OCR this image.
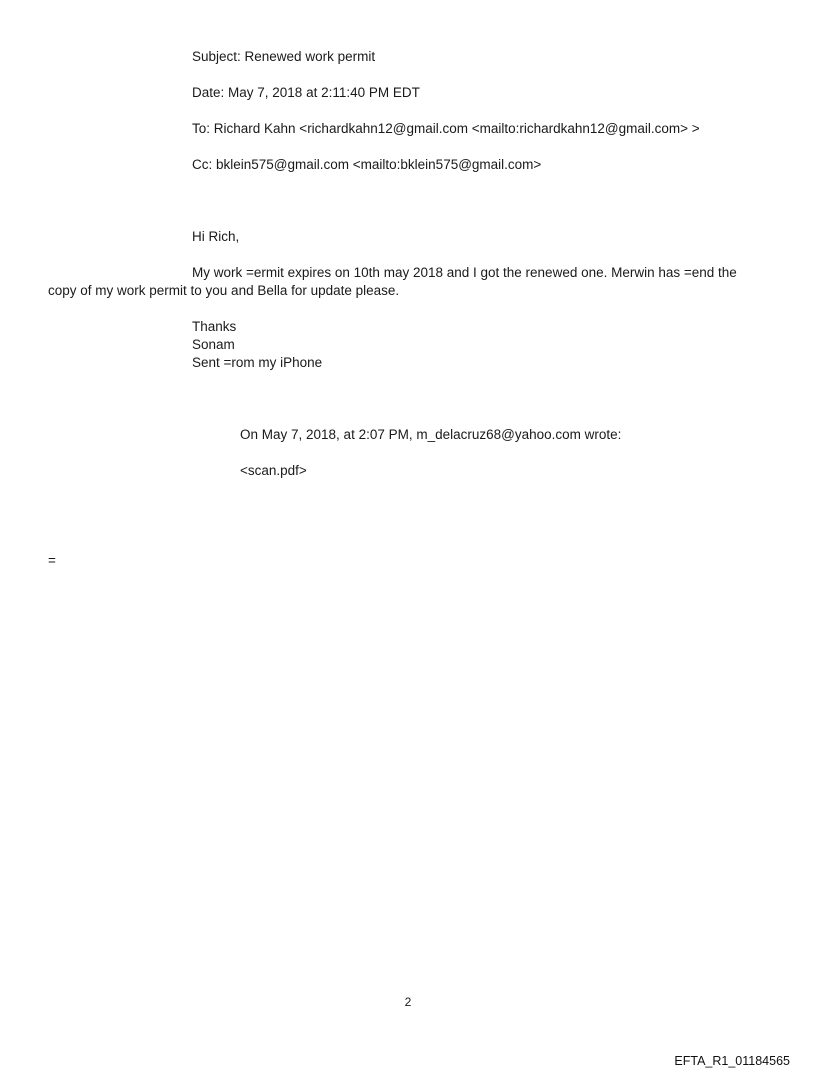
Subject: Renewed work permit
Date: May 7, 2018 at 2:11:40 PM EDT
To: Richard Kahn <richardkahn12@gmail.com <mailto:richardkahn12@gmail.com> >
Cc: bklein575@gmail.com <mailto:bklein575@gmail.com>
Hi Rich,
My work =ermit expires on 10th may 2018 and I got the renewed one. Merwin has =end the
copy of my work permit to you and Bella for update please.
Thanks
Sonam
Sent =rom my iPhone
On May 7, 2018, at 2:07 PM, m_delacruz68@yahoo.com wrote:
<scan.pdf>
=
2
EFTA_R1_01184565
